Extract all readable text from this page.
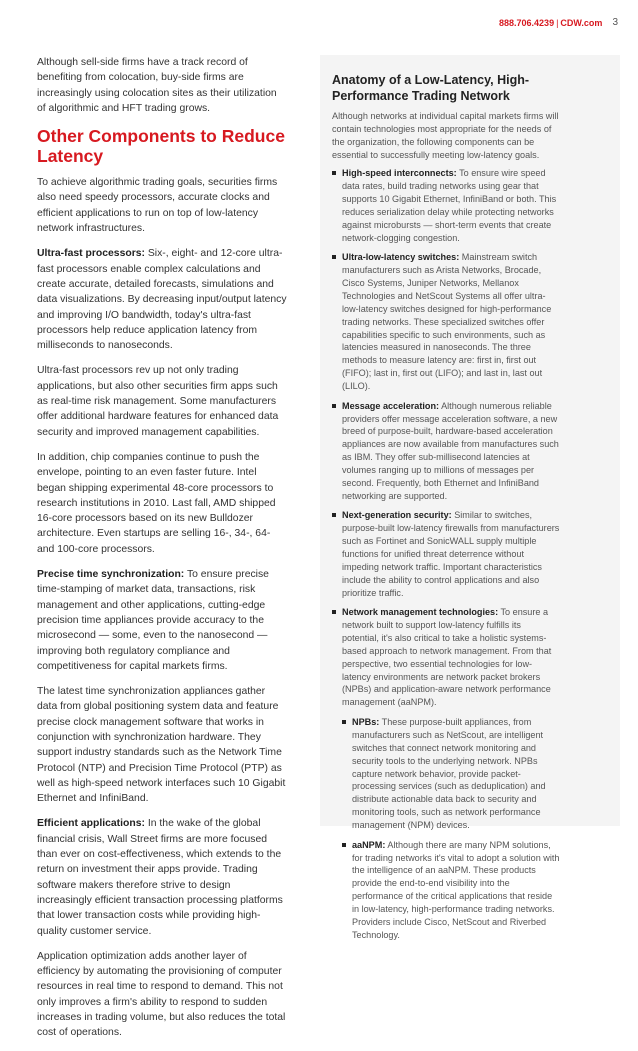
888.706.4239 | CDW.com 3

Although sell-side firms have a track record of benefiting from colocation, buy-side firms are increasingly using colocation sites as their utilization of algorithmic and HFT trading grows.

Other Components to Reduce Latency

To achieve algorithmic trading goals, securities firms also need speedy processors, accurate clocks and efficient applications to run on top of low-latency network infrastructures.

Ultra-fast processors: Six-, eight- and 12-core ultra-fast processors enable complex calculations and create accurate, detailed forecasts, simulations and data visualizations. By decreasing input/output latency and improving I/O bandwidth, today's ultra-fast processors help reduce application latency from milliseconds to nanoseconds.

Ultra-fast processors rev up not only trading applications, but also other securities firm apps such as real-time risk management. Some manufacturers offer additional hardware features for enhanced data security and improved management capabilities.

In addition, chip companies continue to push the envelope, pointing to an even faster future. Intel began shipping experimental 48-core processors to research institutions in 2010. Last fall, AMD shipped 16-core processors based on its new Bulldozer architecture. Even startups are selling 16-, 34-, 64- and 100-core processors.

Precise time synchronization: To ensure precise time-stamping of market data, transactions, risk management and other applications, cutting-edge precision time appliances provide accuracy to the microsecond — some, even to the nanosecond — improving both regulatory compliance and competitiveness for capital markets firms.

The latest time synchronization appliances gather data from global positioning system data and feature precise clock management software that works in conjunction with synchronization hardware. They support industry standards such as the Network Time Protocol (NTP) and Precision Time Protocol (PTP) as well as high-speed network interfaces such 10 Gigabit Ethernet and InfiniBand.

Efficient applications: In the wake of the global financial crisis, Wall Street firms are more focused than ever on cost-effectiveness, which extends to the return on investment their apps provide. Trading software makers therefore strive to design increasingly efficient transaction processing platforms that lower transaction costs while providing high-quality customer service.

Application optimization adds another layer of efficiency by automating the provisioning of computer resources in real time to respond to demand. This not only improves a firm's ability to respond to sudden increases in trading volume, but also reduces the total cost of operations.

Anatomy of a Low-Latency, High-Performance Trading Network

Although networks at individual capital markets firms will contain technologies most appropriate for the needs of the organization, the following components can be essential to successfully meeting low-latency goals.

High-speed interconnects: To ensure wire speed data rates, build trading networks using gear that supports 10 Gigabit Ethernet, InfiniBand or both. This reduces serialization delay while protecting networks against microbursts — short-term events that create network-clogging congestion.
Ultra-low-latency switches: Mainstream switch manufacturers such as Arista Networks, Brocade, Cisco Systems, Juniper Networks, Mellanox Technologies and NetScout Systems all offer ultra-low-latency switches designed for high-performance trading networks. These specialized switches offer capabilities specific to such environments, such as latencies measured in nanoseconds. The three methods to measure latency are: first in, first out (FIFO); last in, first out (LIFO); and last in, last out (LILO).
Message acceleration: Although numerous reliable providers offer message acceleration software, a new breed of purpose-built, hardware-based acceleration appliances are now available from manufactures such as IBM. They offer sub-millisecond latencies at volumes ranging up to millions of messages per second. Frequently, both Ethernet and InfiniBand networking are supported.
Next-generation security: Similar to switches, purpose-built low-latency firewalls from manufacturers such as Fortinet and SonicWALL supply multiple functions for unified threat deterrence without impeding network traffic. Important characteristics include the ability to control applications and also prioritize traffic.
Network management technologies: To ensure a network built to support low-latency fulfills its potential, it's also critical to take a holistic systems-based approach to network management. From that perspective, two essential technologies for low-latency environments are network packet brokers (NPBs) and application-aware network performance management (aaNPM).
NPBs: These purpose-built appliances, from manufacturers such as NetScout, are intelligent switches that connect network monitoring and security tools to the underlying network. NPBs capture network behavior, provide packet-processing services (such as deduplication) and distribute actionable data back to security and monitoring tools, such as network performance management (NPM) devices.
aaNPM: Although there are many NPM solutions, for trading networks it's vital to adopt a solution with the intelligence of an aaNPM. These products provide the end-to-end visibility into the performance of the critical applications that reside in low-latency, high-performance trading networks. Providers include Cisco, NetScout and Riverbed Technology.
